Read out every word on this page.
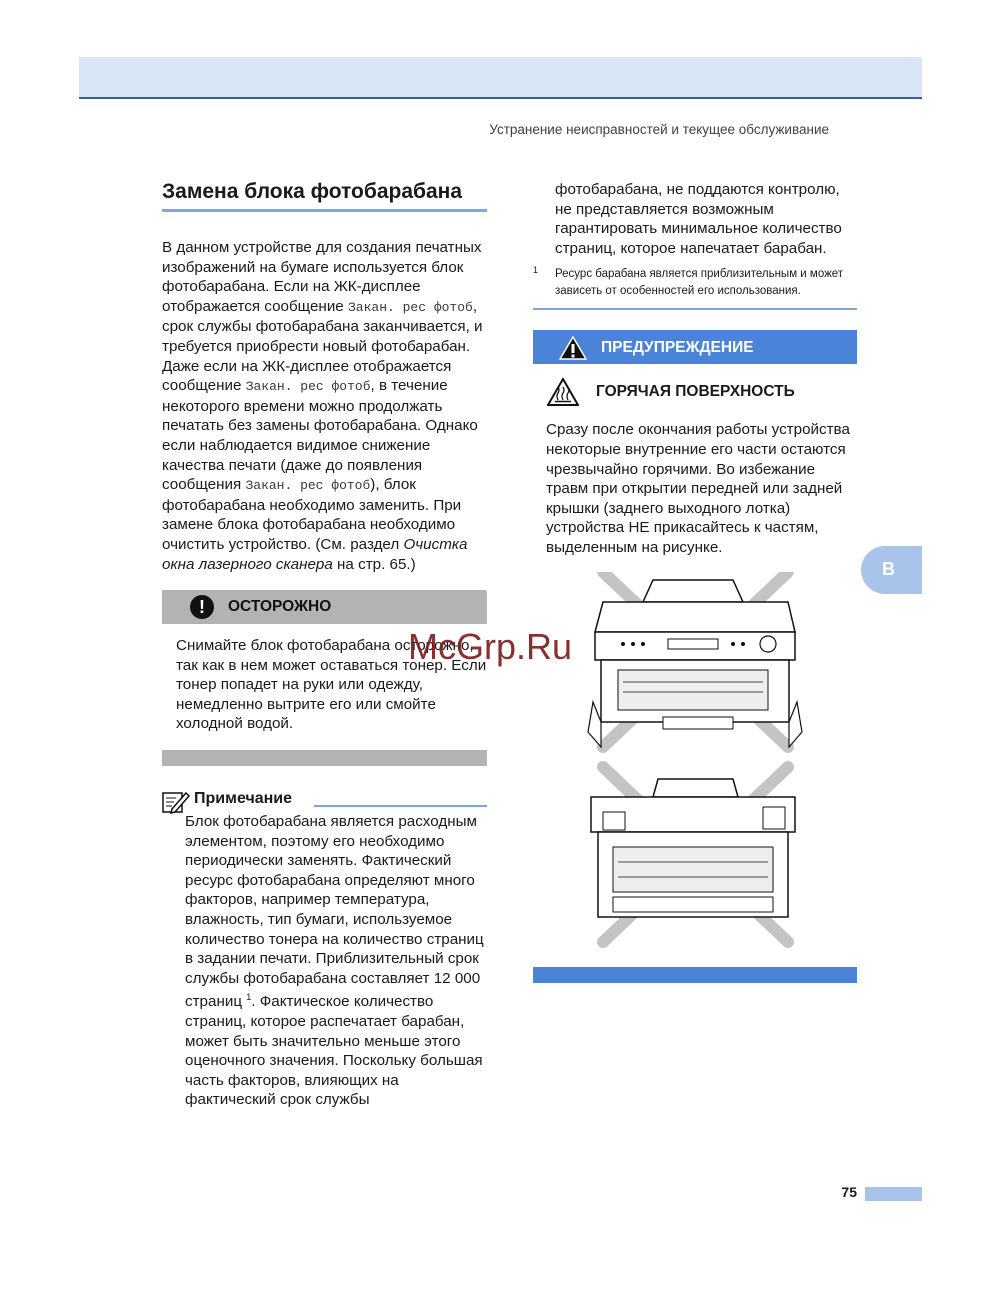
Устранение неисправностей и текущее обслуживание
Замена блока фотобарабана
В данном устройстве для создания печатных изображений на бумаге используется блок фотобарабана. Если на ЖК-дисплее отображается сообщение Закан. рес фотоб, срок службы фотобарабана заканчивается, и требуется приобрести новый фотобарабан.
Даже если на ЖК-дисплее отображается сообщение Закан. рес фотоб, в течение некоторого времени можно продолжать печатать без замены фотобарабана. Однако если наблюдается видимое снижение качества печати (даже до появления сообщения Закан. рес фотоб), блок фотобарабана необходимо заменить. При замене блока фотобарабана необходимо очистить устройство. (См. раздел Очистка окна лазерного сканера на стр. 65.)
!	ОСТОРОЖНО
Снимайте блок фотобарабана осторожно, так как в нем может оставаться тонер. Если тонер попадет на руки или одежду, немедленно вытрите его или смойте холодной водой.
Примечание
Блок фотобарабана является расходным элементом, поэтому его необходимо периодически заменять. Фактический ресурс фотобарабана определяют много факторов, например температура, влажность, тип бумаги, используемое количество тонера на количество страниц в задании печати. Приблизительный срок службы фотобарабана составляет 12 000 страниц $^1$. Фактическое количество страниц, которое распечатает барабан, может быть значительно меньше этого оценочного значения. Поскольку большая часть факторов, влияющих на фактический срок службы
фотобарабана, не поддаются контролю, не представляется возможным гарантировать минимальное количество страниц, которое напечатает барабан.
1 Ресурс барабана является приблизительным и может зависеть от особенностей его использования.
ПРЕДУПРЕЖДЕНИЕ
ГОРЯЧАЯ ПОВЕРХНОСТЬ
Сразу после окончания работы устройства некоторые внутренние его части остаются чрезвычайно горячими. Во избежание травм при открытии передней или задней крышки (заднего выходного лотка) устройства НЕ прикасайтесь к частям, выделенным на рисунке.
McGrp.Ru
B
75
